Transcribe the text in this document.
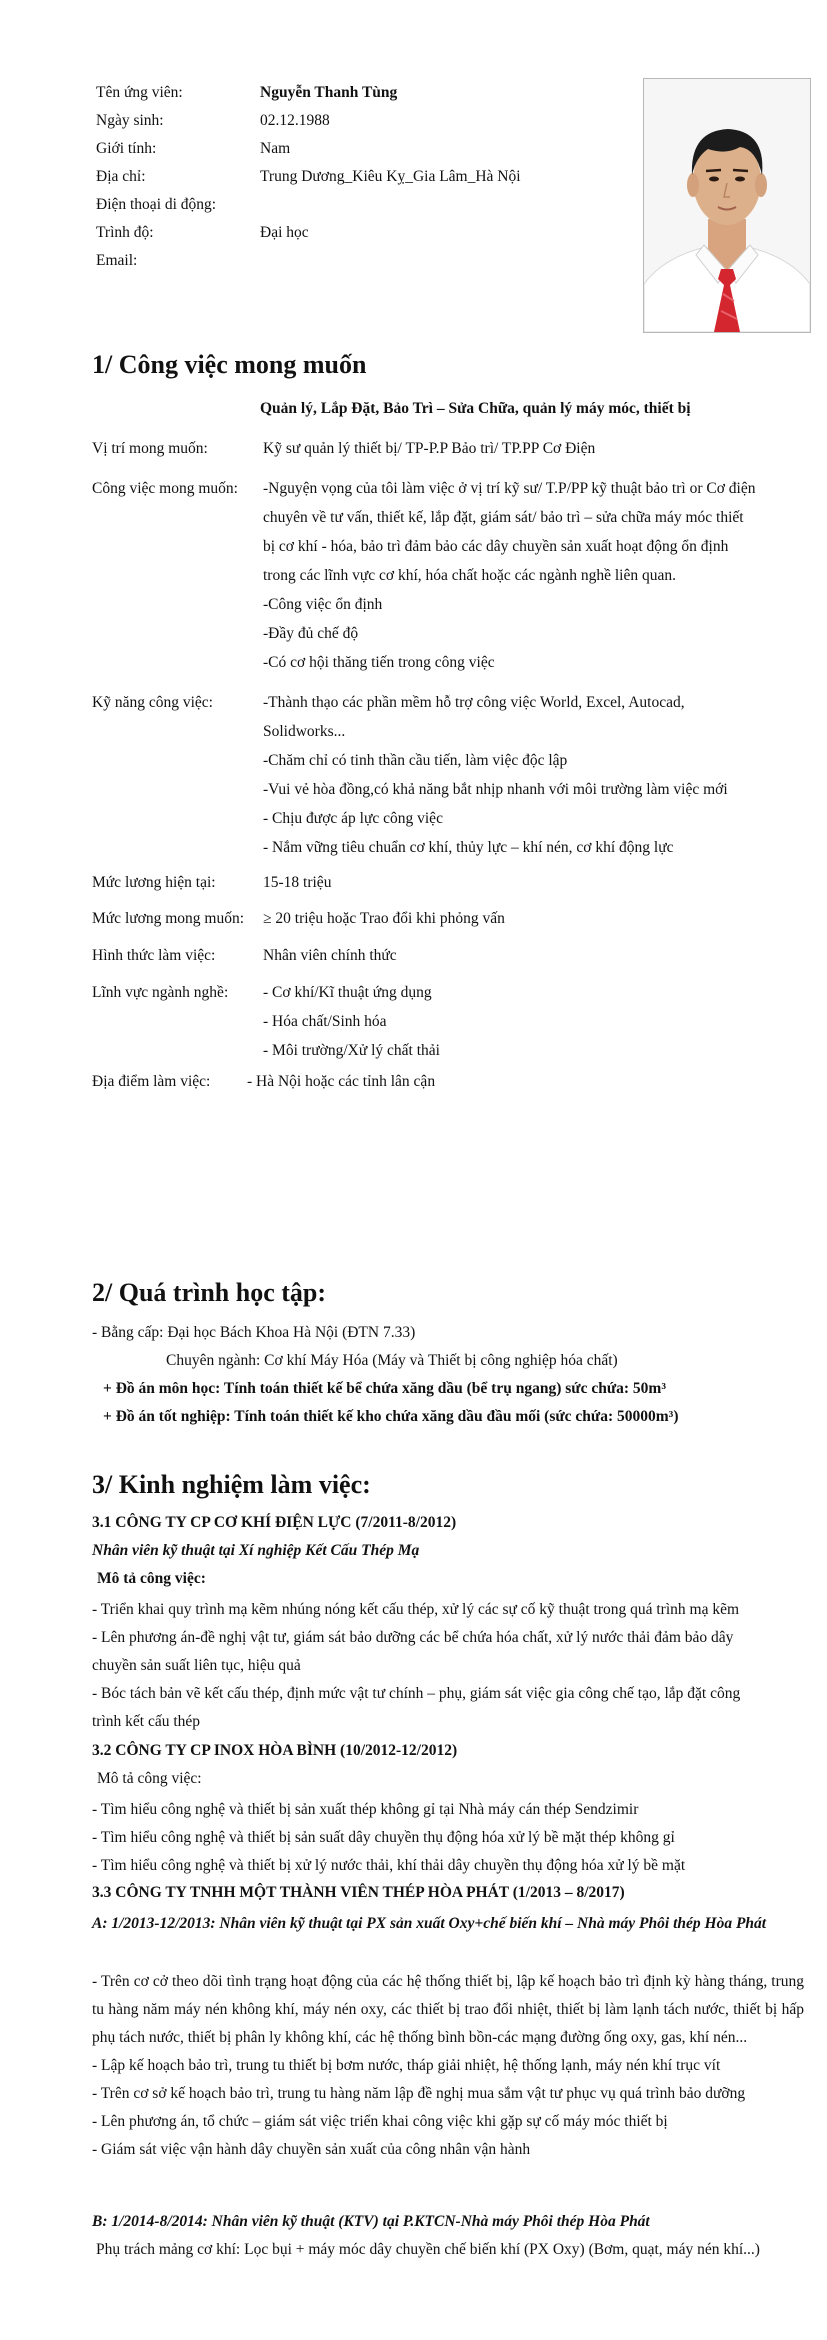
Tên ứng viên:	Nguyễn Thanh Tùng
Ngày sinh:	02.12.1988
Giới tính:	Nam
Địa chỉ:	Trung Dương_Kiêu Kỵ_Gia Lâm_Hà Nội
Điện thoại di động:
Trình độ:	Đại học
Email:
1/ Công việc mong muốn
Quản lý, Lắp Đặt, Bảo Trì – Sửa Chữa, quản lý máy móc, thiết bị
Vị trí mong muốn:	Kỹ sư quản lý thiết bị/ TP-P.P Bảo trì/ TP.PP Cơ Điện
Công việc mong muốn: -Nguyện vọng của tôi làm việc ở vị trí kỹ sư/ T.P/PP kỹ thuật bảo trì or Cơ điện
chuyên về tư vấn, thiết kế, lắp đặt, giám sát/ bảo trì – sửa chữa máy móc thiết
bị cơ khí - hóa, bảo trì đảm bảo các dây chuyền sản xuất hoạt động ổn định
trong các lĩnh vực cơ khí, hóa chất hoặc các ngành nghề liên quan.
-Công việc ổn định
-Đầy đủ chế độ
-Có cơ hội thăng tiến trong công việc
Kỹ năng công việc:	-Thành thạo các phần mềm hỗ trợ công việc World, Excel, Autocad,
Solidworks...
-Chăm chỉ có tinh thần cầu tiến, làm việc độc lập
-Vui vẻ hòa đồng,có khả năng bắt nhịp nhanh với môi trường làm việc mới
- Chịu được áp lực công việc
- Nắm vững tiêu chuẩn cơ khí, thủy lực – khí nén, cơ khí động lực
Mức lương hiện tại:	15-18 triệu
Mức lương mong muốn: ≥ 20 triệu hoặc Trao đổi khi phỏng vấn
Hình thức làm việc:	Nhân viên chính thức
Lĩnh vực ngành nghề: - Cơ khí/Kĩ thuật ứng dụng
- Hóa chất/Sinh hóa
- Môi trường/Xử lý chất thải
Địa điểm làm việc: - Hà Nội hoặc các tỉnh lân cận
2/ Quá trình học tập:
- Bằng cấp: Đại học Bách Khoa Hà Nội (ĐTN 7.33)
Chuyên ngành: Cơ khí Máy Hóa (Máy và Thiết bị công nghiệp hóa chất)
+ Đồ án môn học: Tính toán thiết kế bể chứa xăng dầu (bể trụ ngang) sức chứa: 50m³
+ Đồ án tốt nghiệp: Tính toán thiết kế kho chứa xăng dầu đầu mối (sức chứa: 50000m³)
3/ Kinh nghiệm làm việc:
3.1 CÔNG TY CP CƠ KHÍ ĐIỆN LỰC (7/2011-8/2012)
Nhân viên kỹ thuật tại Xí nghiệp Kết Cấu Thép Mạ
Mô tả công việc:
- Triển khai quy trình mạ kẽm nhúng nóng kết cấu thép, xử lý các sự cố kỹ thuật trong quá trình mạ kẽm
- Lên phương án-đề nghị vật tư, giám sát bảo dưỡng các bể chứa hóa chất, xử lý nước thải đảm bảo dây
chuyền sản suất liên tục, hiệu quả
- Bóc tách bản vẽ kết cấu thép, định mức vật tư chính – phụ, giám sát việc gia công chế tạo, lắp đặt công
trình kết cấu thép
3.2 CÔNG TY CP INOX HÒA BÌNH (10/2012-12/2012)
Mô tả công việc:
- Tìm hiểu công nghệ và thiết bị sản xuất thép không gỉ tại Nhà máy cán thép Sendzimir
- Tìm hiểu công nghệ và thiết bị sản suất dây chuyền thụ động hóa xử lý bề mặt thép không gỉ
- Tìm hiểu công nghệ và thiết bị xử lý nước thải, khí thải dây chuyền thụ động hóa xử lý bề mặt
3.3 CÔNG TY TNHH MỘT THÀNH VIÊN THÉP HÒA PHÁT (1/2013 – 8/2017)
A: 1/2013-12/2013: Nhân viên kỹ thuật tại PX sản xuất Oxy+chế biến khí – Nhà máy Phôi thép Hòa Phát
- Trên cơ cở theo dõi tình trạng hoạt động của các hệ thống thiết bị, lập kế hoạch bảo trì định kỳ hàng tháng, trung tu hàng năm máy nén không khí, máy nén oxy, các thiết bị trao đổi nhiệt, thiết bị làm lạnh tách nước, thiết bị hấp phụ tách nước, thiết bị phân ly không khí, các hệ thống bình bồn-các mạng đường ống oxy, gas, khí nén...
- Lập kế hoạch bảo trì, trung tu thiết bị bơm nước, tháp giải nhiệt, hệ thống lạnh, máy nén khí trục vít
- Trên cơ sở kế hoạch bảo trì, trung tu hàng năm lập đề nghị mua sắm vật tư phục vụ quá trình bảo dưỡng
- Lên phương án, tổ chức – giám sát việc triển khai công việc khi gặp sự cố máy móc thiết bị
- Giám sát việc vận hành dây chuyền sản xuất của công nhân vận hành
B: 1/2014-8/2014: Nhân viên kỹ thuật (KTV) tại P.KTCN-Nhà máy Phôi thép Hòa Phát
Phụ trách mảng cơ khí: Lọc bụi + máy móc dây chuyền chế biến khí (PX Oxy) (Bơm, quạt, máy nén khí...)
